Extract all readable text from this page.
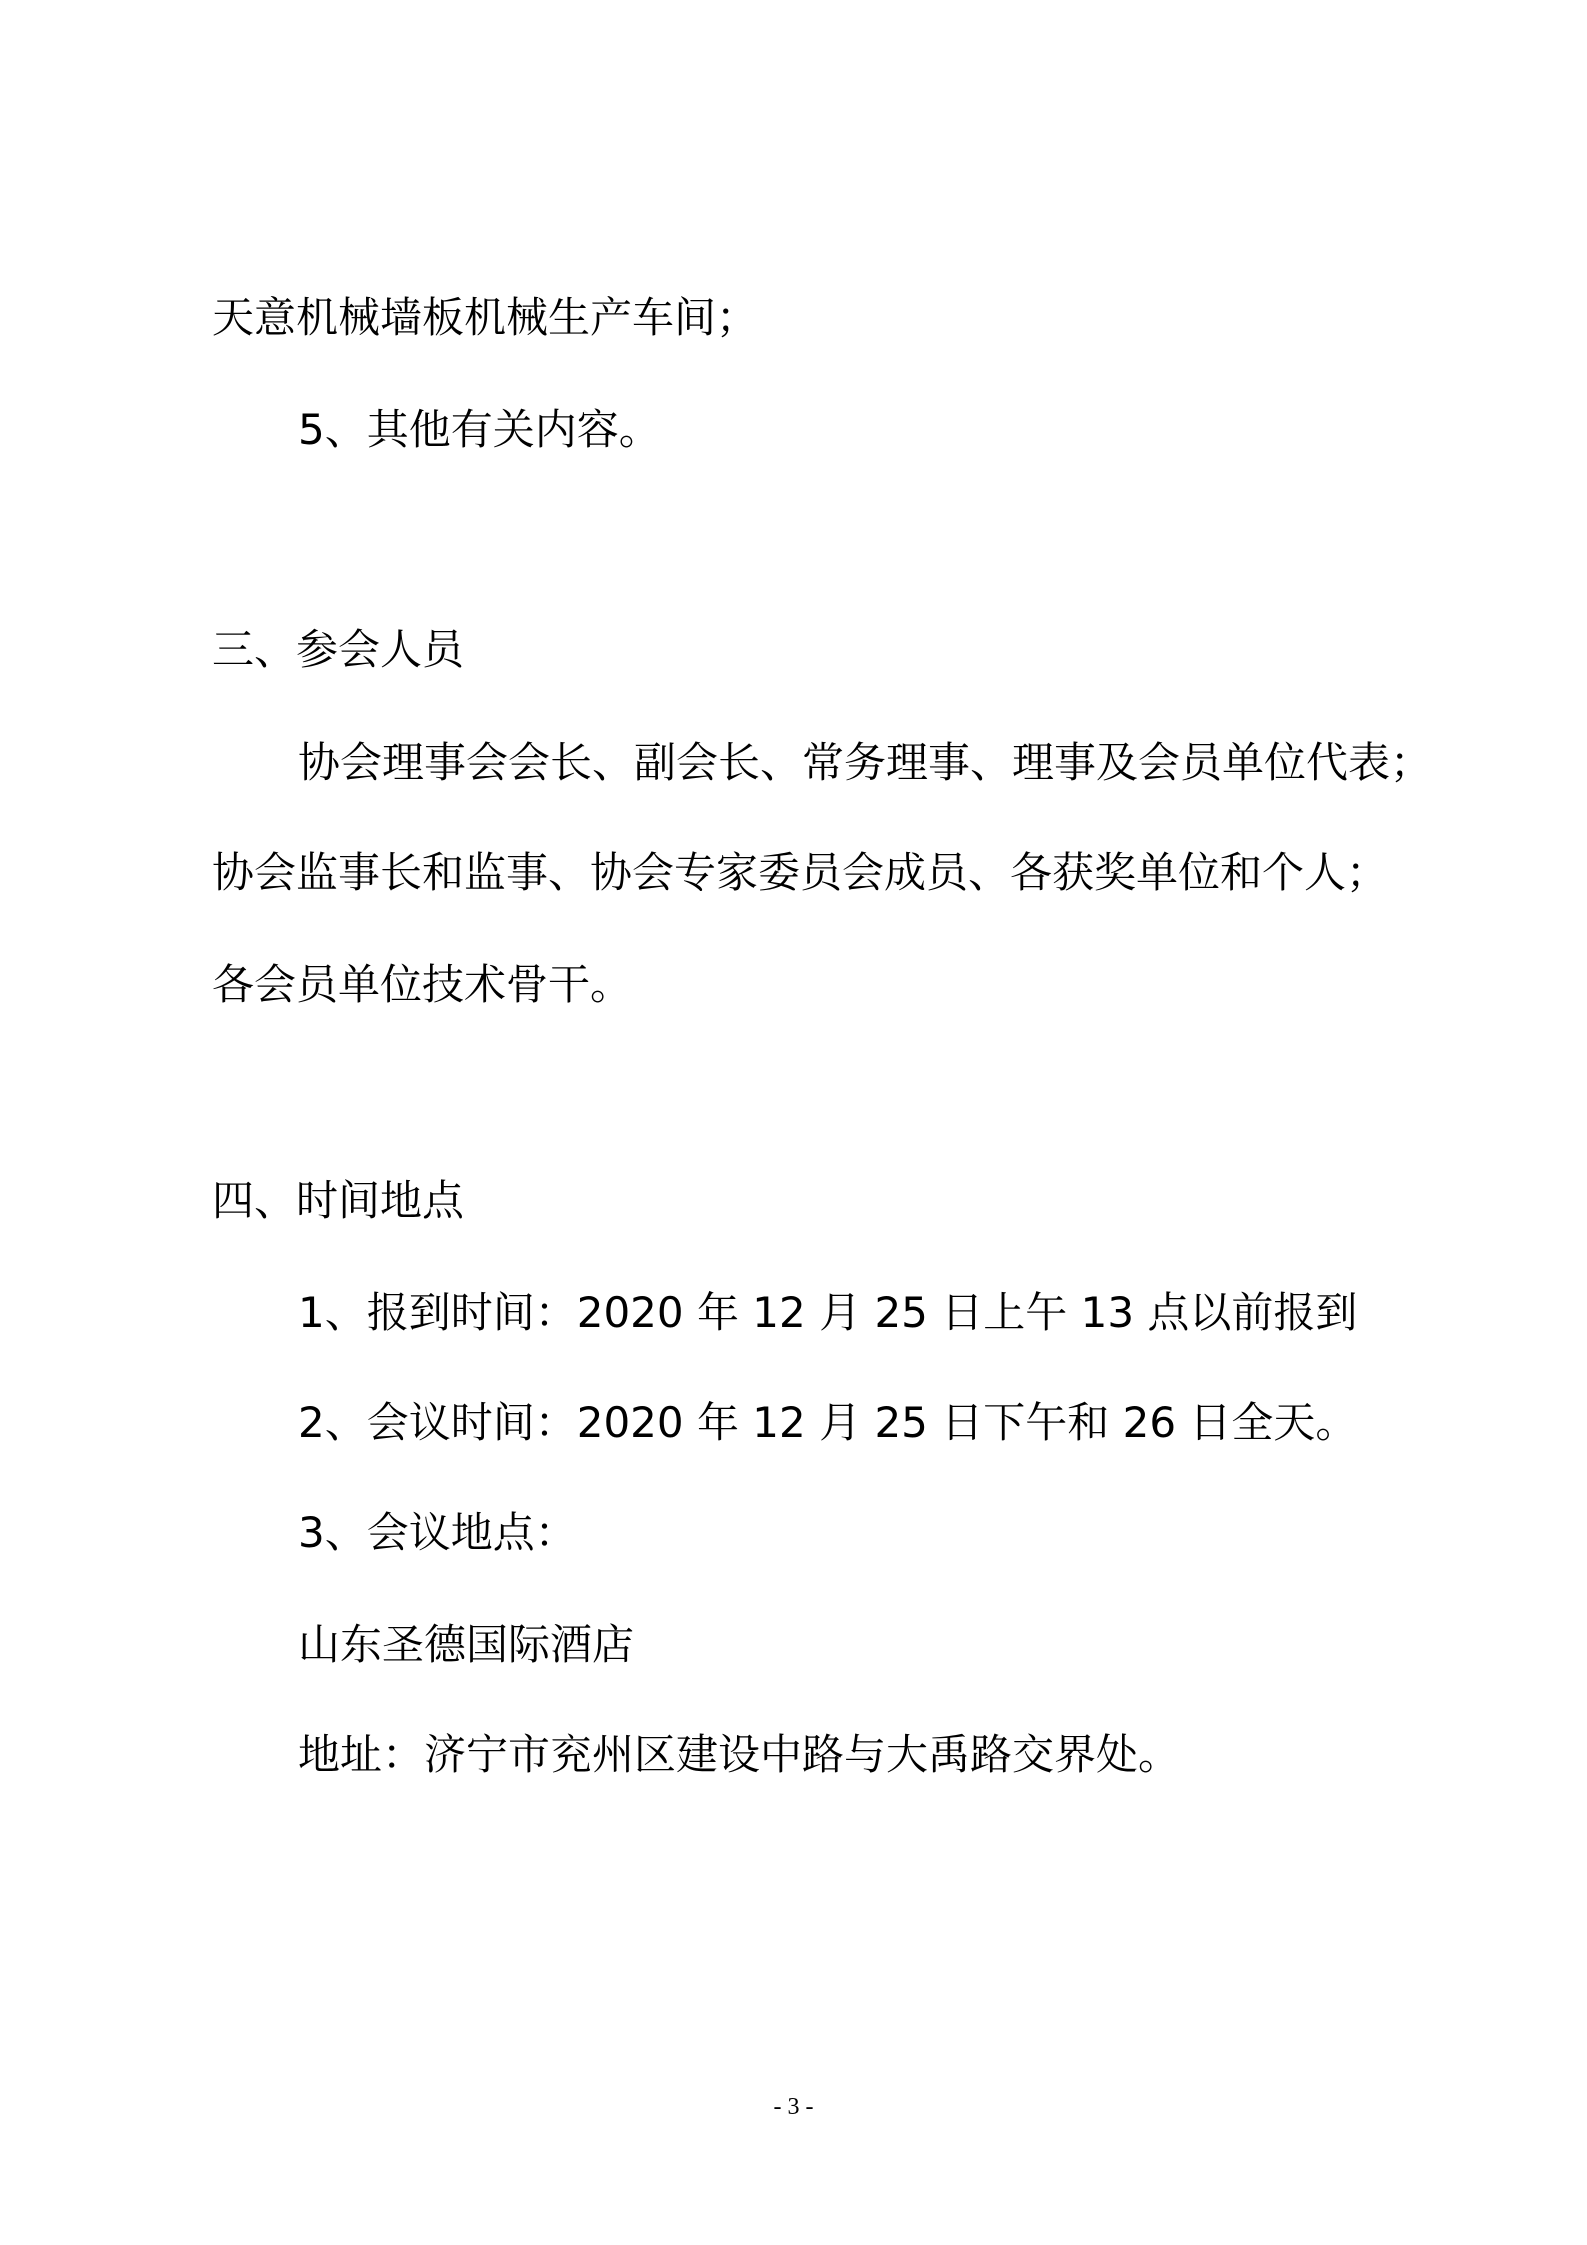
天意机械墙板机械生产车间；

5、其他有关内容。

三、参会人员

协会理事会会长、副会长、常务理事、理事及会员单位代表；

协会监事长和监事、协会专家委员会成员、各获奖单位和个人；

各会员单位技术骨干。

四、时间地点

1、报到时间：2020 年 12 月 25 日上午 13 点以前报到

2、会议时间：2020 年 12 月 25 日下午和 26 日全天。

3、会议地点：

山东圣德国际酒店

地址：济宁市兖州区建设中路与大禹路交界处。

- 3 -
